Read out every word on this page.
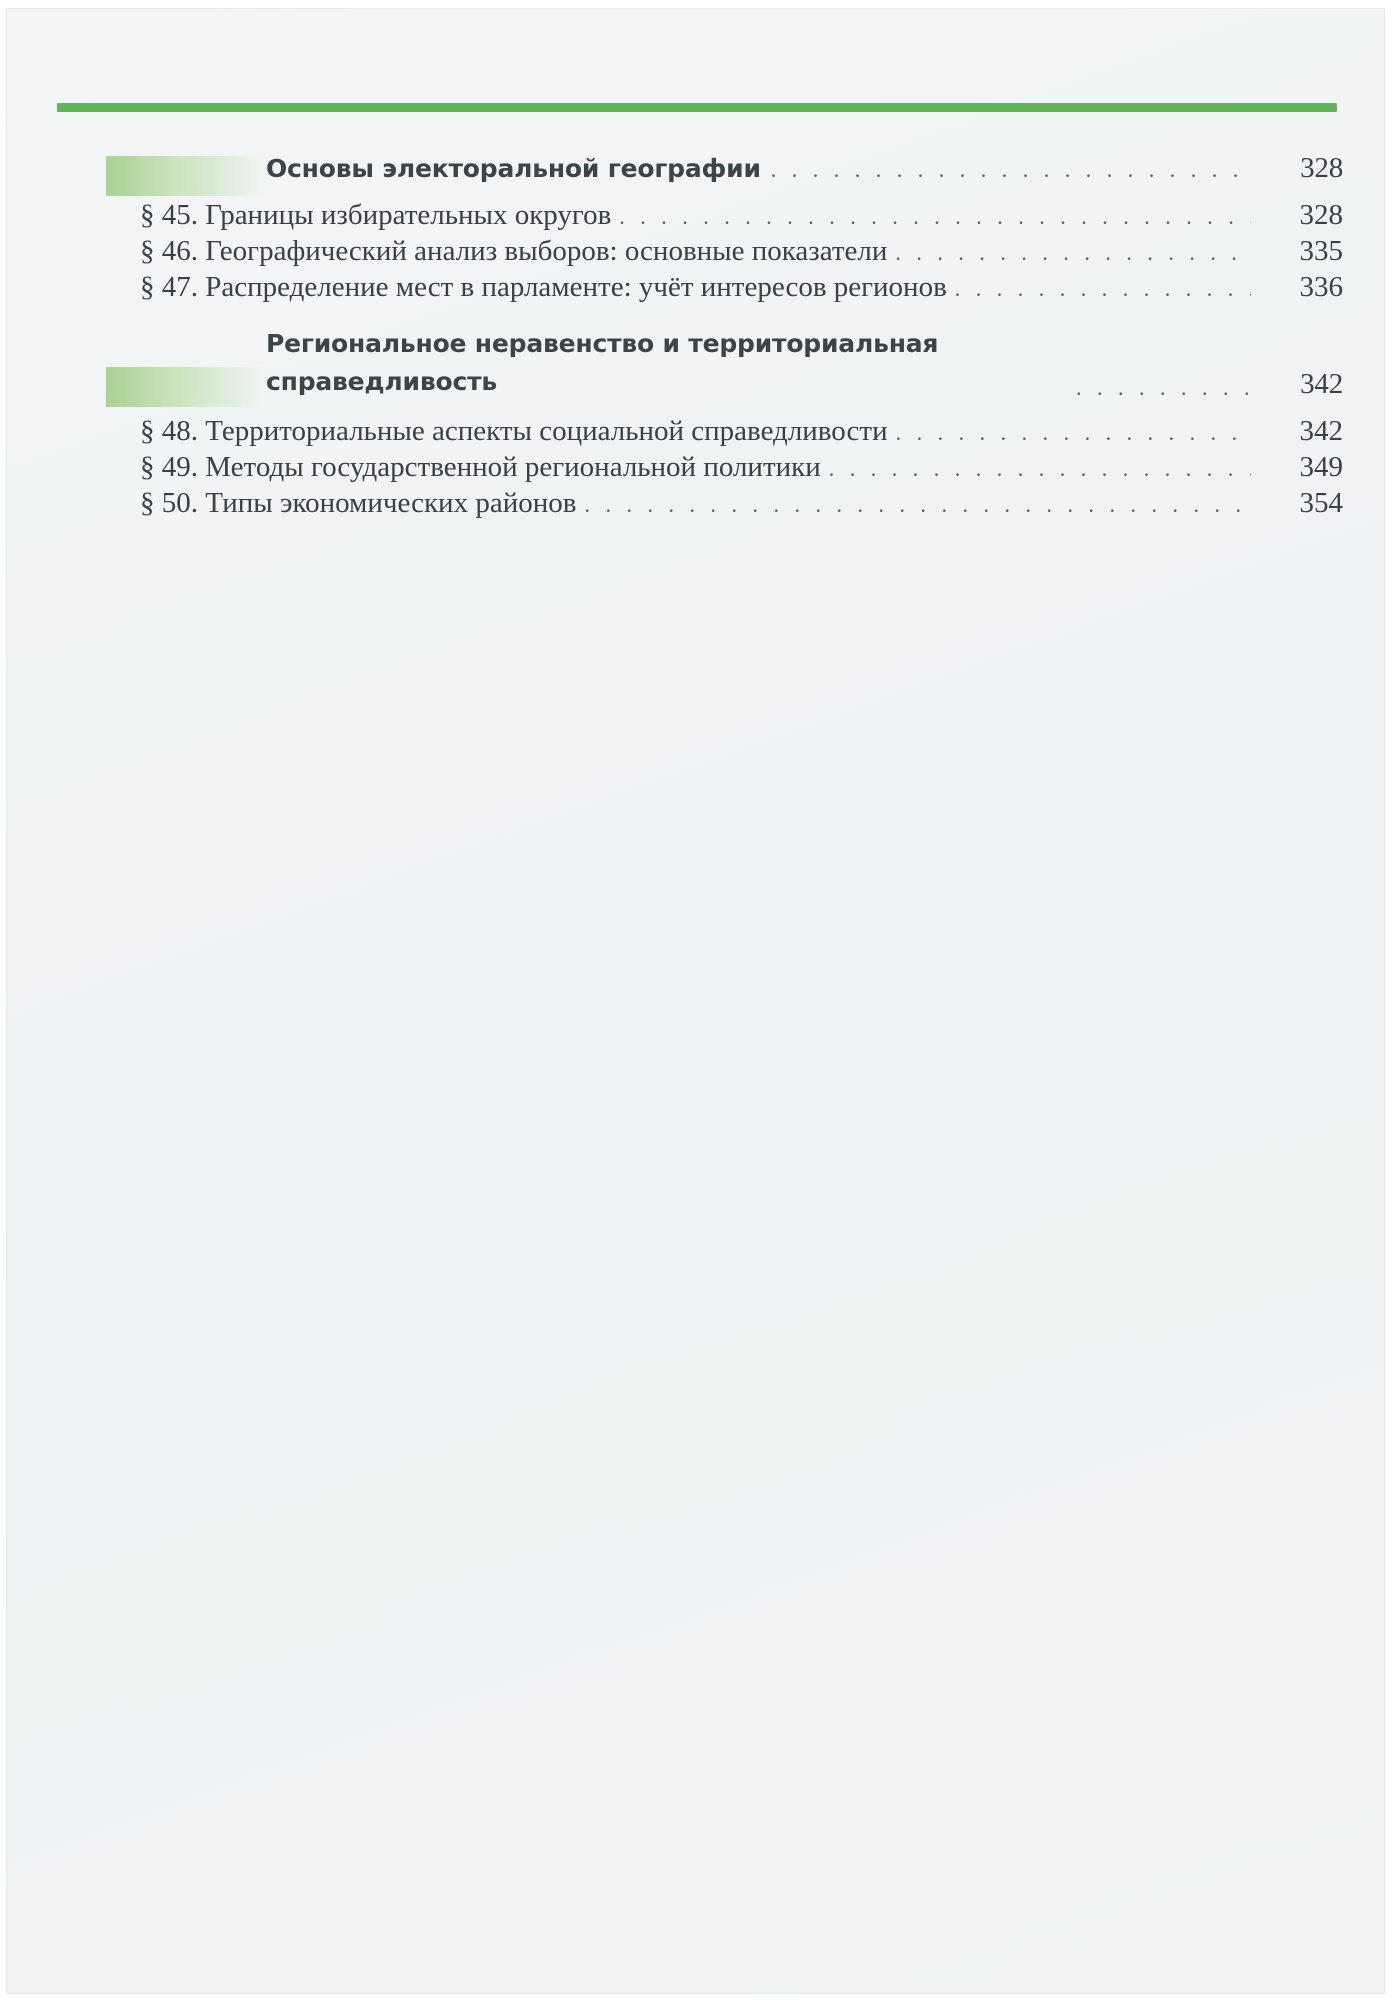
Основы электоральной географии . . .	328
§ 45. Границы избирательных округов . . .	328
§ 46. Географический анализ выборов: основные показатели . . .	335
§ 47. Распределение мест в парламенте: учёт интересов регионов . . .	336
Региональное неравенство и территориальная справедливость . . .	342
§ 48. Территориальные аспекты социальной справедливости . . .	342
§ 49. Методы государственной региональной политики . . .	349
§ 50. Типы экономических районов . . .	354
